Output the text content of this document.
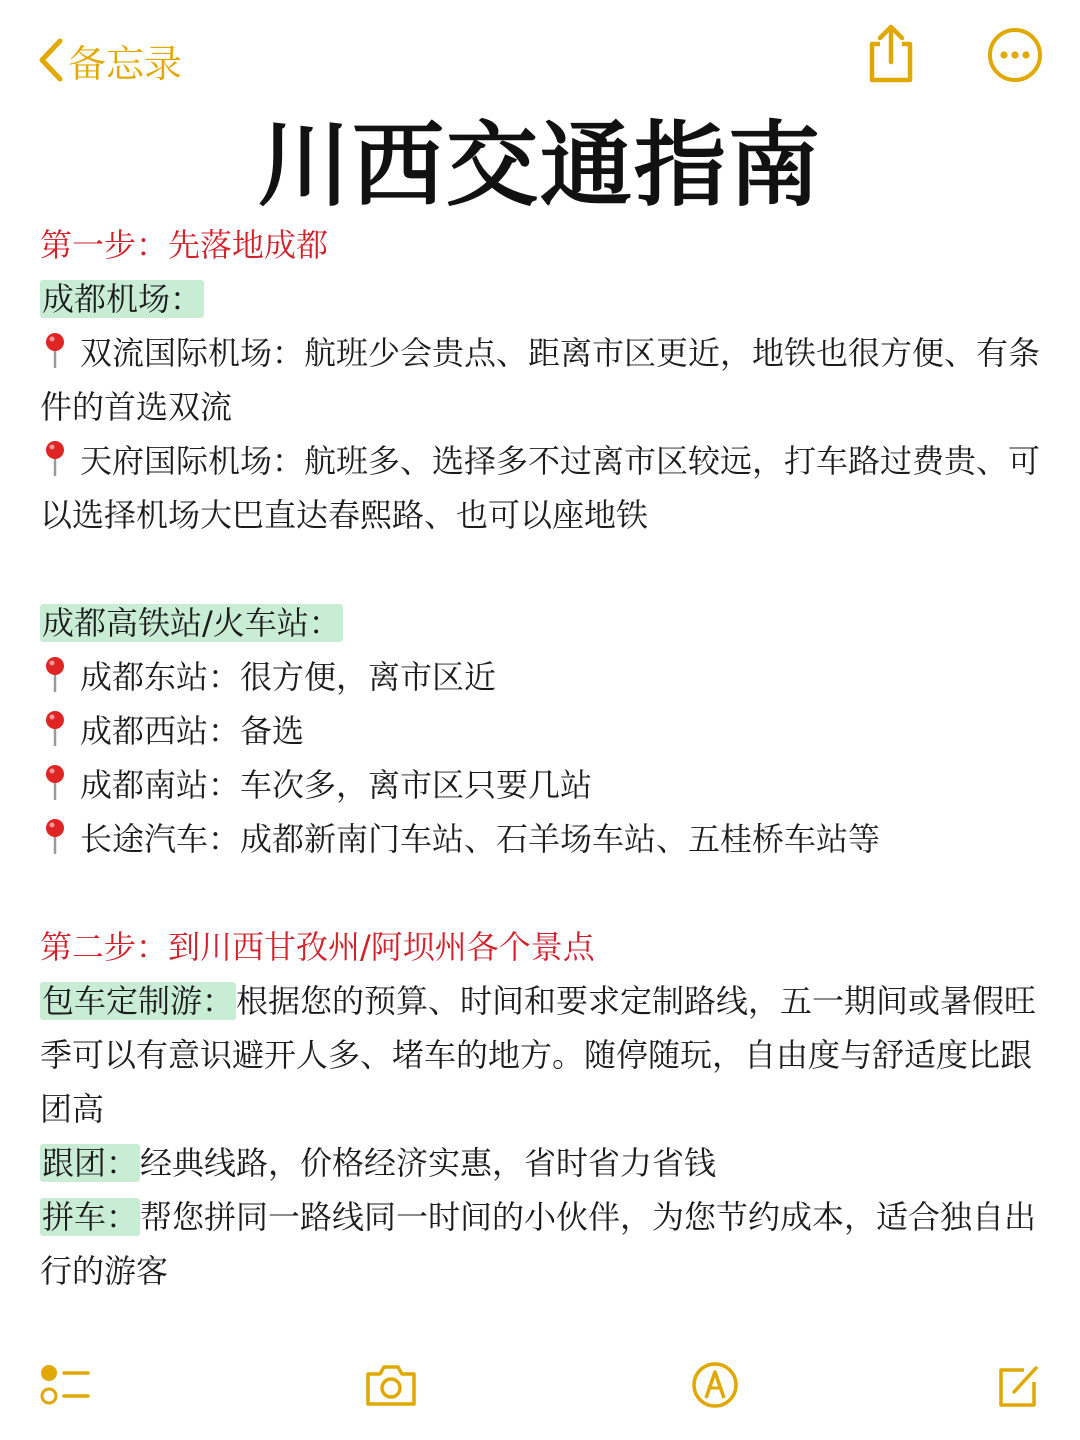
备忘录
川西交通指南

第一步：先落地成都

成都机场：

双流国际机场：航班少会贵点、距离市区更近，地铁也很方便、有条件的首选双流

天府国际机场：航班多、选择多不过离市区较远，打车路过费贵、可以选择机场大巴直达春熙路、也可以座地铁

成都高铁站/火车站：

成都东站：很方便，离市区近

成都西站：备选

成都南站：车次多，离市区只要几站

长途汽车：成都新南门车站、石羊场车站、五桂桥车站等

第二步：到川西甘孜州/阿坝州各个景点

包车定制游：根据您的预算、时间和要求定制路线，五一期间或暑假旺季可以有意识避开人多、堵车的地方。随停随玩，自由度与舒适度比跟团高

跟团：经典线路，价格经济实惠，省时省力省钱

拼车：帮您拼同一路线同一时间的小伙伴，为您节约成本，适合独自出行的游客
